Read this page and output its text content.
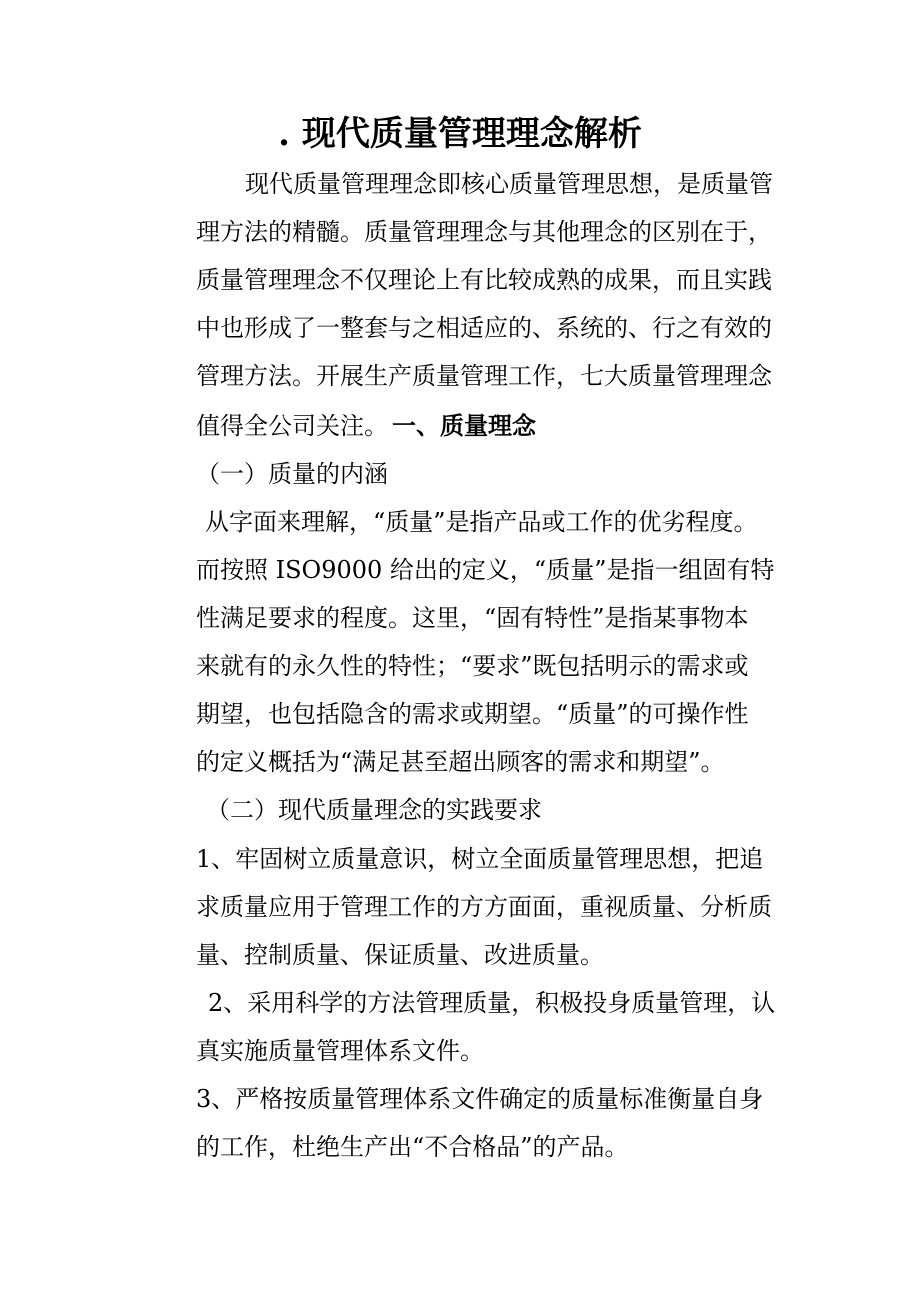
. 现代质量管理理念解析
现代质量管理理念即核心质量管理思想，是质量管
理方法的精髓。质量管理理念与其他理念的区别在于，
质量管理理念不仅理论上有比较成熟的成果，而且实践
中也形成了一整套与之相适应的、系统的、行之有效的
管理方法。开展生产质量管理工作，七大质量管理理念
值得全公司关注。 一、质量理念
（一）质量的内涵
从字面来理解，“质量”是指产品或工作的优劣程度。
而按照 ISO9000 给出的定义，“质量”是指一组固有特
性满足要求的程度。这里，“固有特性”是指某事物本
来就有的永久性的特性；“要求”既包括明示的需求或
期望，也包括隐含的需求或期望。“质量”的可操作性
的定义概括为“满足甚至超出顾客的需求和期望”。
（二）现代质量理念的实践要求
1、牢固树立质量意识，树立全面质量管理思想，把追
求质量应用于管理工作的方方面面，重视质量、分析质
量、控制质量、保证质量、改进质量。
2、采用科学的方法管理质量，积极投身质量管理，认
真实施质量管理体系文件。
3、严格按质量管理体系文件确定的质量标准衡量自身
的工作，杜绝生产出“不合格品”的产品。
